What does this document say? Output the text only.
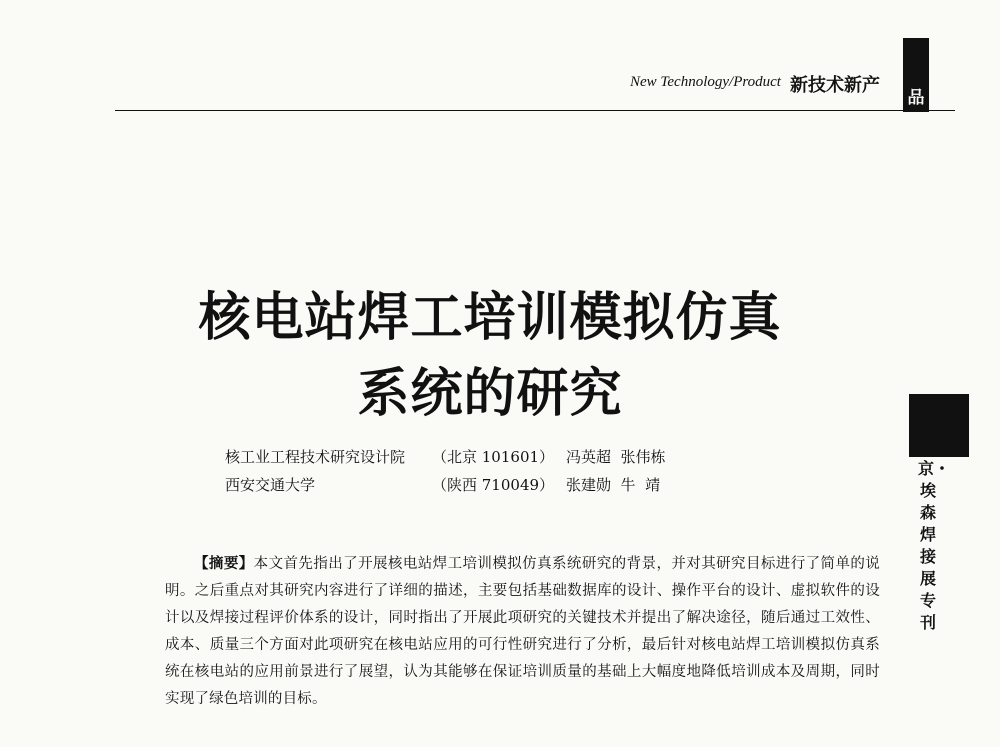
New Technology/Product 新技术新产
品
核电站焊工培训模拟仿真
系统的研究
核工业工程技术研究设计院 （北京 101601） 冯英超  张伟栋
西安交通大学	（陕西 710049） 张建勋  牛  靖
京・埃森焊接展专刊
【摘要】本文首先指出了开展核电站焊工培训模拟仿真系统研究的背景，并对其研究目标进行了简单的说明。之后重点对其研究内容进行了详细的描述，主要包括基础数据库的设计、操作平台的设计、虚拟软件的设计以及焊接过程评价体系的设计，同时指出了开展此项研究的关键技术并提出了解决途径，随后通过工效性、成本、质量三个方面对此项研究在核电站应用的可行性研究进行了分析，最后针对核电站焊工培训模拟仿真系统在核电站的应用前景进行了展望，认为其能够在保证培训质量的基础上大幅度地降低培训成本及周期，同时实现了绿色培训的目标。
